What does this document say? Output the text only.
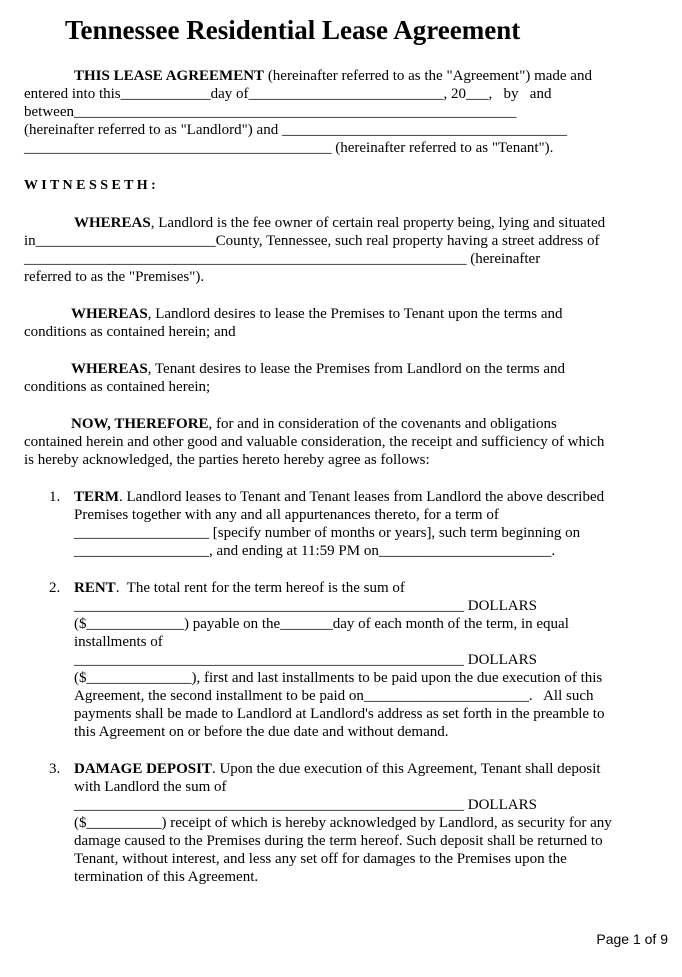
Tennessee Residential Lease Agreement
THIS LEASE AGREEMENT (hereinafter referred to as the "Agreement") made and
entered into this____________day of__________________________, 20___,   by   and
between___________________________________________________________
(hereinafter referred to as "Landlord") and ______________________________________
_________________________________________ (hereinafter referred to as "Tenant").
W I T N E S S E T H :
WHEREAS, Landlord is the fee owner of certain real property being, lying and situated
in________________________County, Tennessee, such real property having a street address of
___________________________________________________________ (hereinafter
referred to as the "Premises").
WHEREAS, Landlord desires to lease the Premises to Tenant upon the terms and
conditions as contained herein; and
WHEREAS, Tenant desires to lease the Premises from Landlord on the terms and
conditions as contained herein;
NOW, THEREFORE, for and in consideration of the covenants and obligations
contained herein and other good and valuable consideration, the receipt and sufficiency of which
is hereby acknowledged, the parties hereto hereby agree as follows:
1. TERM. Landlord leases to Tenant and Tenant leases from Landlord the above described
Premises together with any and all appurtenances thereto, for a term of
__________________ [specify number of months or years], such term beginning on
__________________, and ending at 11:59 PM on_______________________.
2. RENT.  The total rent for the term hereof is the sum of
____________________________________________________ DOLLARS
($_____________) payable on the_______day of each month of the term, in equal
installments of
____________________________________________________ DOLLARS
($______________), first and last installments to be paid upon the due execution of this
Agreement, the second installment to be paid on______________________.   All such
payments shall be made to Landlord at Landlord's address as set forth in the preamble to
this Agreement on or before the due date and without demand.
3. DAMAGE DEPOSIT. Upon the due execution of this Agreement, Tenant shall deposit
with Landlord the sum of
____________________________________________________ DOLLARS
($__________) receipt of which is hereby acknowledged by Landlord, as security for any
damage caused to the Premises during the term hereof. Such deposit shall be returned to
Tenant, without interest, and less any set off for damages to the Premises upon the
termination of this Agreement.
Page 1 of 9
